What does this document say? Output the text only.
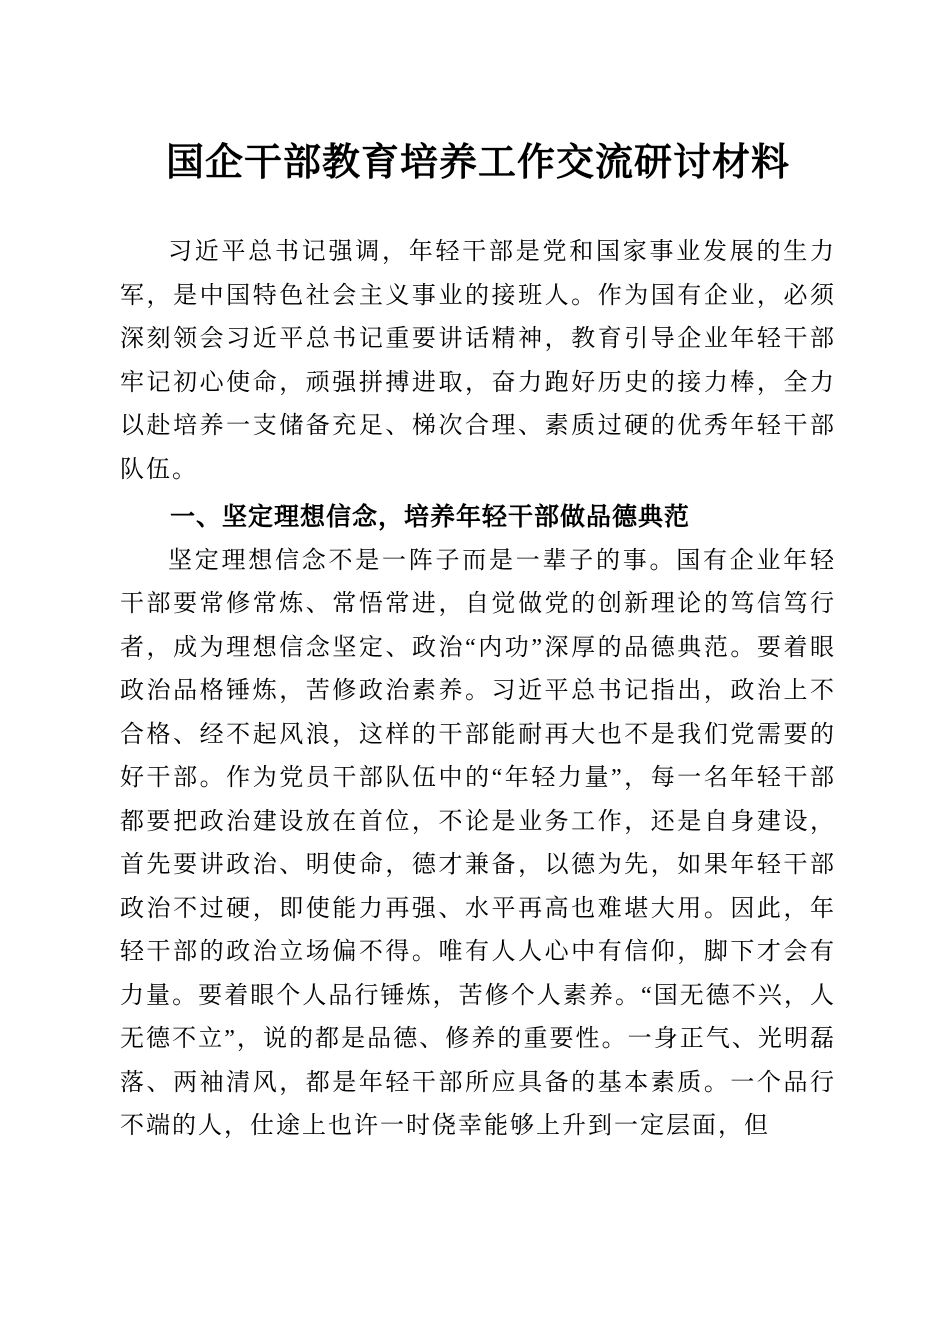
国企干部教育培养工作交流研讨材料

习近平总书记强调，年轻干部是党和国家事业发展的生力军，是中国特色社会主义事业的接班人。作为国有企业，必须深刻领会习近平总书记重要讲话精神，教育引导企业年轻干部牢记初心使命，顽强拼搏进取，奋力跑好历史的接力棒，全力以赴培养一支储备充足、梯次合理、素质过硬的优秀年轻干部队伍。

一、坚定理想信念，培养年轻干部做品德典范

坚定理想信念不是一阵子而是一辈子的事。国有企业年轻干部要常修常炼、常悟常进，自觉做党的创新理论的笃信笃行者，成为理想信念坚定、政治“内功”深厚的品德典范。要着眼政治品格锤炼，苦修政治素养。习近平总书记指出，政治上不合格、经不起风浪，这样的干部能耐再大也不是我们党需要的好干部。作为党员干部队伍中的“年轻力量”，每一名年轻干部都要把政治建设放在首位，不论是业务工作，还是自身建设，首先要讲政治、明使命，德才兼备，以德为先，如果年轻干部政治不过硬，即使能力再强、水平再高也难堪大用。因此，年轻干部的政治立场偏不得。唯有人人心中有信仰，脚下才会有力量。要着眼个人品行锤炼，苦修个人素养。“国无德不兴，人无德不立”，说的都是品德、修养的重要性。一身正气、光明磊落、两袖清风，都是年轻干部所应具备的基本素质。一个品行不端的人，仕途上也许一时侥幸能够上升到一定层面，但
